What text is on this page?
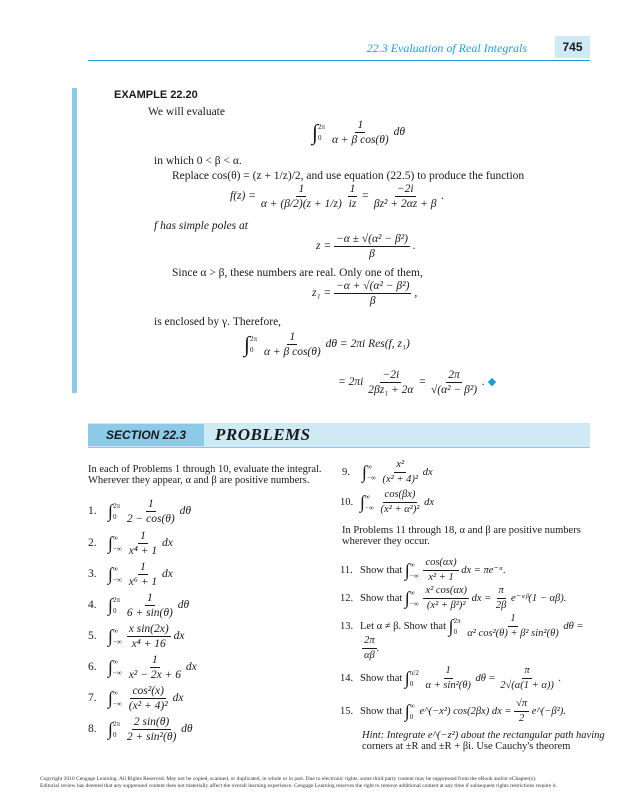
22.3 Evaluation of Real Integrals	745
EXAMPLE 22.20
We will evaluate
∫ 2π
0
$\frac{1}{\text{α + β cos(θ)}}$ dθ
in which 0 < β < α.
Replace cos(θ) = (z + 1/z)/2, and use equation (22.5) to produce the function
$f(z) = \frac{1}{\alpha + (\beta/2)(z + 1/z)}$
$\frac{1}{iz} = \frac{-2i}{\text{βz² + 2αz + β}}$ .
f has simple poles at
$z = \frac{\text{−α ± √(α² − β²)}}{\beta}$ .
Since α > β, these numbers are real. Only one of them,
$z_1 = \frac{\text{−α + √(α² − β²)}}{\beta}$ ,
is enclosed by γ. Therefore,
∫ 2π
0
$\frac{1}{\text{α + β cos(θ)}}$ dθ = 2πi Res(f, z₁)
= $2\pi i \frac{-2i}{\text{2βz₁ + 2α}} = \frac{2\pi}{\text{√(α² − β²)}}$ . ◆
SECTION 22.3	PROBLEMS
In each of Problems 1 through 10, evaluate the integral.
Wherever they appear, α and β are positive numbers.
1. ∫ 2π
0
$\frac{1}{2 - \cos(\theta)}$ dθ
2. ∫ ∞
−∞
$\frac{1}{\text{x⁴ + 1}}$ dx
3. ∫ ∞
−∞
$\frac{1}{\text{x⁶ + 1}}$ dx
4. ∫ 2π
0
$\frac{1}{6 + \sin(\theta)}$ dθ
5. ∫ ∞
−∞
$\frac{\text{x sin(2x)}}{\text{x⁴ + 16}}$ dx
6. ∫ ∞
−∞
$\frac{1}{\text{x² − 2x + 6}}$ dx
7. ∫ ∞
−∞
$\frac{\text{cos²(x)}}{\text{(x² + 4)²}}$ dx
8. ∫ 2π
0
$\frac{2 \sin(\theta)}{\text{2 + sin²(θ)}}$ dθ
9. ∫ ∞
−∞
$\frac{\text{x²}}{\text{(x² + 4)²}}$ dx
10. ∫ ∞
−∞
$\frac{\cos(\beta x)}{\text{(x² + α²)²}}$ dx
In Problems 11 through 18, α and β are positive numbers
wherever they occur.
11. Show that ∫ ∞
−∞
$\frac{\cos(\alpha x)}{\text{x² + 1}}$ dx = πe⁻ᵅ.
12. Show that ∫ ∞
−∞
$\frac{\text{x² cos(αx)}}{\text{(x² + β²)²}}$ dx = $\frac{\pi}{2\beta}$ e⁻ᵅᵝ(1 − αβ).
13. Let α ≠ β. Show that ∫ 2π
0
$\frac{1}{\text{α² cos²(θ) + β² sin²(θ)}}$ dθ =
$\frac{2\pi}{\alpha\beta}$ .
14. Show that ∫ π/2
0
$\frac{1}{\text{α + sin²(θ)}}$ $d\theta = \frac{\pi}{2√(\alpha(1 + \alpha))}$ .
15. Show that ∫ ∞
0 e^(−x²) cos(2βx) dx = $\frac{√\pi}{2}$ e^(−β²).
Hint: Integrate e^(−z²) about the rectangular path having
corners at ±R and ±R + βi. Use Cauchy's theorem
Copyright 2010 Cengage Learning. All Rights Reserved. May not be copied, scanned, or duplicated, in whole or in part. Due to electronic rights, some third party content may be suppressed from the eBook and/or eChapter(s).
Editorial review has deemed that any suppressed content does not materially affect the overall learning experience. Cengage Learning reserves the right to remove additional content at any time if subsequent rights restrictions require it.
